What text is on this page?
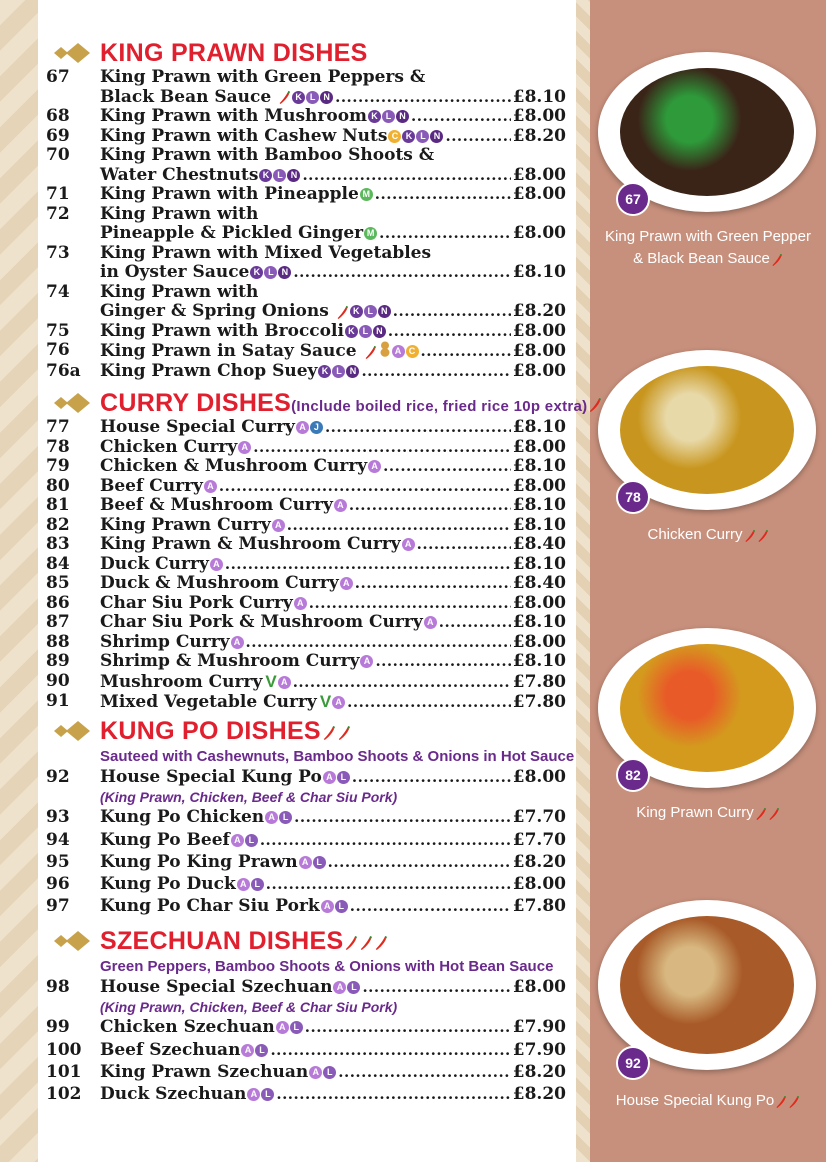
KING PRAWN DISHES
67	King Prawn with Green Peppers &
Black Bean Sauce	K L N .....	£8.10
68	King Prawn with Mushroom K L N .....	£8.00
69	King Prawn with Cashew Nuts C K L N .....	£8.20
70	King Prawn with Bamboo Shoots &
Water Chestnuts K L N .....	£8.00
71	King Prawn with Pineapple M .....	£8.00
72	King Prawn with
Pineapple & Pickled Ginger M .....	£8.00
73	King Prawn with Mixed Vegetables
in Oyster Sauce K L N .....	£8.10
74	King Prawn with
Ginger & Spring Onions	K L N .....	£8.20
75	King Prawn with Broccoli K L N .....	£8.00
76	King Prawn in Satay Sauce	A C .....	£8.00
76a	King Prawn Chop Suey K L N .....	£8.00
CURRY DISHES(Include boiled rice, fried rice 10p extra)
77	House Special Curry A J .....	£8.10
78	Chicken Curry A .....	£8.00
79	Chicken & Mushroom Curry A .....	£8.10
80	Beef Curry A .....	£8.00
81	Beef & Mushroom Curry A .....	£8.10
82	King Prawn Curry A .....	£8.10
83	King Prawn & Mushroom Curry A .....	£8.40
84	Duck Curry A .....	£8.10
85	Duck & Mushroom Curry A .....	£8.40
86	Char Siu Pork Curry A .....	£8.00
87	Char Siu Pork & Mushroom Curry A .....	£8.10
88	Shrimp Curry A .....	£8.00
89	Shrimp & Mushroom Curry A .....	£8.10
90	Mushroom Curry V A .....	£7.80
91	Mixed Vegetable Curry V A .....	£7.80
KUNG PO DISHES
Sauteed with Cashewnuts, Bamboo Shoots & Onions in Hot Sauce
92	House Special Kung Po A L .....	£8.00
(King Prawn, Chicken, Beef & Char Siu Pork)
93	Kung Po Chicken A L .....	£7.70
94	Kung Po Beef A L .....	£7.70
95	Kung Po King Prawn A L .....	£8.20
96	Kung Po Duck A L .....	£8.00
97	Kung Po Char Siu Pork A L .....	£7.80
SZECHUAN DISHES
Green Peppers, Bamboo Shoots & Onions with Hot Bean Sauce
98	House Special Szechuan A L .....	£8.00
(King Prawn, Chicken, Beef & Char Siu Pork)
99	Chicken Szechuan A L .....	£7.90
100	Beef Szechuan A L .....	£7.90
101	King Prawn Szechuan A L .....	£8.20
102	Duck Szechuan A L .....	£8.20
67
King Prawn with Green Pepper
& Black Bean Sauce
78
Chicken Curry
82
King Prawn Curry
92
House Special Kung Po
